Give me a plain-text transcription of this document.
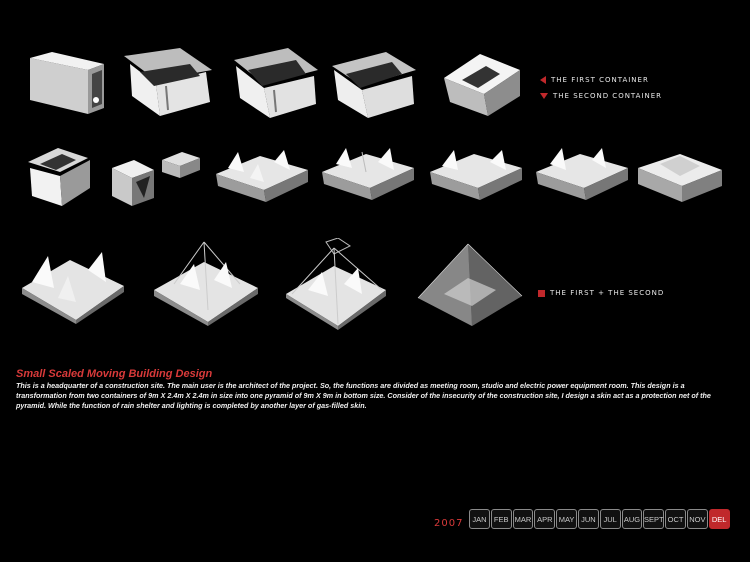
THE FIRST CONTAINER
THE SECOND CONTAINER
THE FIRST + THE SECOND
Small Scaled Moving Building Design
This is a headquarter of a construction site. The main user is the architect of the project. So, the functions are divided as meeting room, studio and electric power equipment room. This design is a transformation from two containers of 9m X 2.4m X 2.4m in size into one pyramid of 9m X 9m in bottom size. Consider of the insecurity of the construction site, I design a skin act as a protection net of the pyramid. While the function of rain shelter and lighting is completed by another layer of gas-filled skin.
2007	JAN FEB MAR APR MAY JUN	JUL AUG SEPT OCT NOV DEL
